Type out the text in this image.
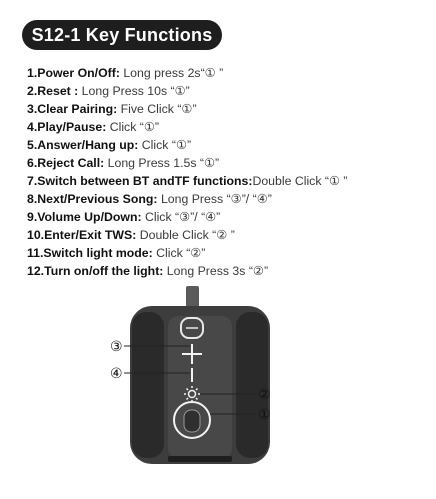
S12-1 Key Functions
1.Power On/Off: Long press 2s“① ”
2.Reset : Long Press 10s “①”
3.Clear Pairing: Five Click “①”
4.Play/Pause: Click “①”
5.Answer/Hang up: Click “①”
6.Reject Call: Long Press 1.5s “①”
7.Switch between BT andTF functions:Double Click “① ”
8.Next/Previous Song: Long Press “③”/ “④”
9.Volume Up/Down: Click “③”/ “④”
10.Enter/Exit TWS: Double Click “② ”
11.Switch light mode: Click “②”
12.Turn on/off the light: Long Press 3s “②”
③
④
②
①
